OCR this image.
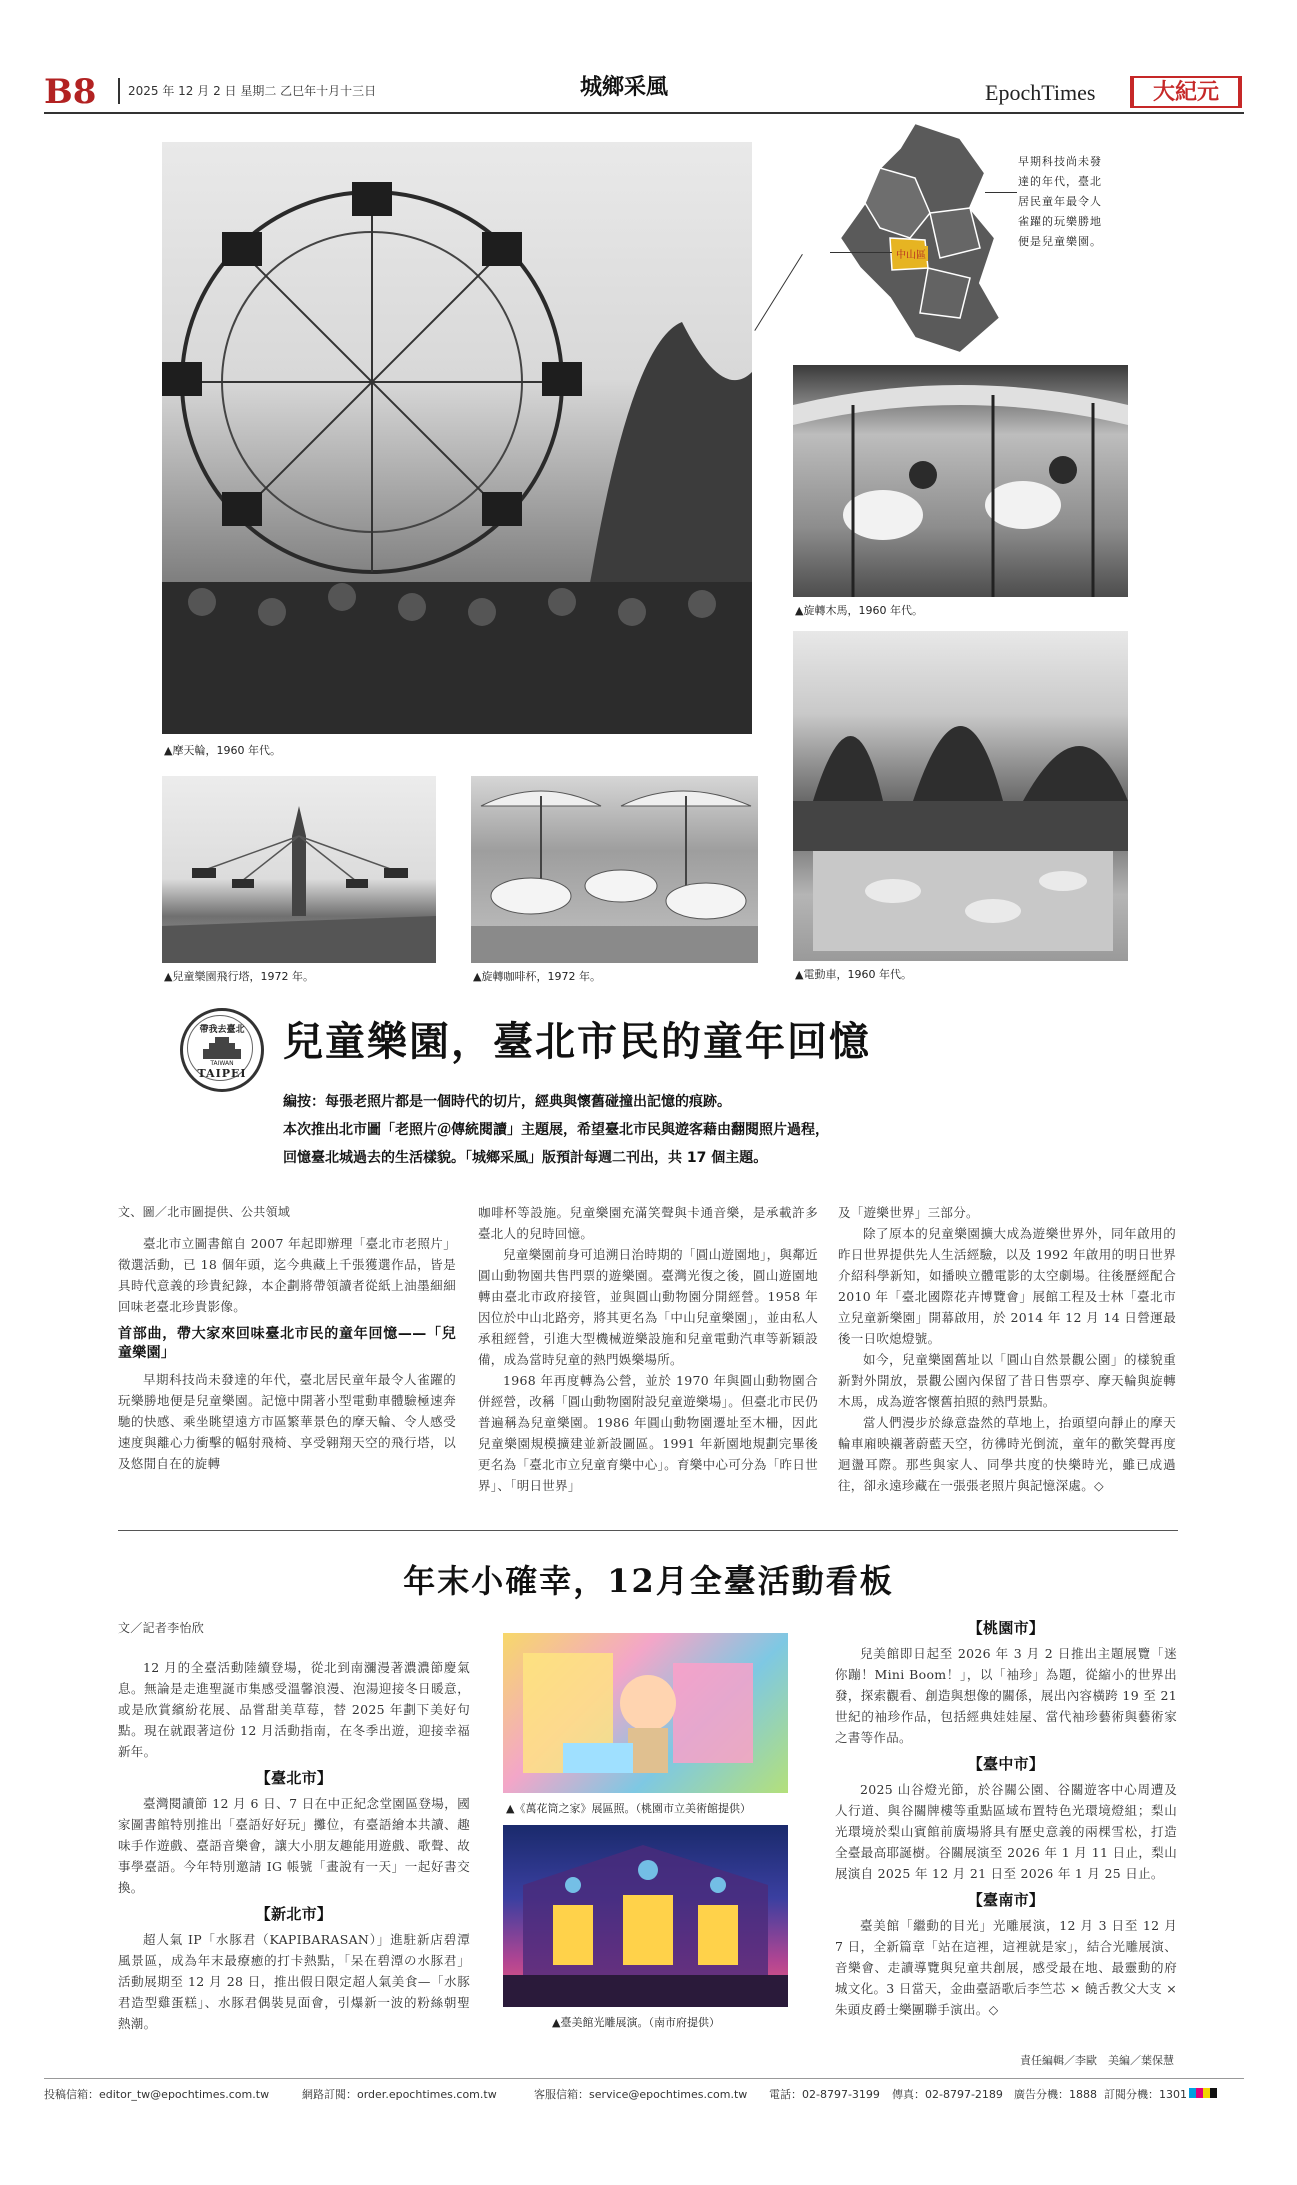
B8	2025 年 12 月 2 日 星期二 乙巳年十月十三日	城鄉采風	EpochTimes	大紀元
▲摩天輪，1960 年代。
中山區
早期科技尚未發達的年代，臺北居民童年最令人雀躍的玩樂勝地便是兒童樂園。
▲旋轉木馬，1960 年代。
▲電動車，1960 年代。
▲兒童樂園飛行塔，1972 年。	▲旋轉咖啡杯，1972 年。
帶我去臺北
TAIWAN
TAIPEI
兒童樂園，臺北市民的童年回憶
編按：每張老照片都是一個時代的切片，經典與懷舊碰撞出記憶的痕跡。
本次推出北市圖「老照片＠傳統閱讀」主題展，希望臺北市民與遊客藉由翻閱照片過程，
回憶臺北城過去的生活樣貌。「城鄉采風」版預計每週二刊出，共 17 個主題。
文、圖／北市圖提供、公共領域

臺北市立圖書館自 2007 年起即辦理「臺北市老照片」徵選活動，已 18 個年頭，迄今典藏上千張獲選作品，皆是具時代意義的珍貴紀錄，本企劃將帶領讀者從紙上油墨細細回味老臺北珍貴影像。

首部曲，帶大家來回味臺北市民的童年回憶——「兒童樂園」

早期科技尚未發達的年代，臺北居民童年最令人雀躍的玩樂勝地便是兒童樂園。記憶中開著小型電動車體驗極速奔馳的快感、乘坐眺望遠方市區繁華景色的摩天輪、令人感受速度與離心力衝擊的幅射飛椅、享受翱翔天空的飛行塔，以及悠閒自在的旋轉

咖啡杯等設施。兒童樂園充滿笑聲與卡通音樂，是承載許多臺北人的兒時回憶。

兒童樂園前身可追溯日治時期的「圓山遊園地」，與鄰近圓山動物園共售門票的遊樂園。臺灣光復之後，圓山遊園地轉由臺北市政府接管，並與圓山動物園分開經營。1958 年因位於中山北路旁，將其更名為「中山兒童樂園」，並由私人承租經營，引進大型機械遊樂設施和兒童電動汽車等新穎設備，成為當時兒童的熱門娛樂場所。

1968 年再度轉為公營，並於 1970 年與圓山動物園合併經營，改稱「圓山動物園附設兒童遊樂場」。但臺北市民仍普遍稱為兒童樂園。1986 年圓山動物園遷址至木柵，因此兒童樂園規模擴建並新設圖區。1991 年新園地規劃完畢後更名為「臺北市立兒童育樂中心」。育樂中心可分為「昨日世界」、「明日世界」

及「遊樂世界」三部分。

除了原本的兒童樂園擴大成為遊樂世界外，同年啟用的昨日世界提供先人生活經驗，以及 1992 年啟用的明日世界介紹科學新知，如播映立體電影的太空劇場。往後歷經配合 2010 年「臺北國際花卉博覽會」展館工程及士林「臺北市立兒童新樂園」開幕啟用，於 2014 年 12 月 14 日營運最後一日吹熄燈號。

如今，兒童樂園舊址以「圓山自然景觀公園」的樣貌重新對外開放，景觀公園內保留了昔日售票亭、摩天輪與旋轉木馬，成為遊客懷舊拍照的熱門景點。

當人們漫步於綠意盎然的草地上，抬頭望向靜止的摩天輪車廂映襯著蔚藍天空，彷彿時光倒流，童年的歡笑聲再度迴盪耳際。那些與家人、同學共度的快樂時光，雖已成過往，卻永遠珍藏在一張張老照片與記憶深處。◇

年末小確幸，12月全臺活動看板
文／記者李怡欣

12 月的全臺活動陸續登場，從北到南瀰漫著濃濃節慶氣息。無論是走進聖誕市集感受溫馨浪漫、泡湯迎接冬日暖意，或是欣賞繽紛花展、品嘗甜美草莓，替 2025 年劃下美好句點。現在就跟著這份 12 月活動指南，在冬季出遊，迎接幸福新年。

【臺北市】

臺灣閱讀節 12 月 6 日、7 日在中正紀念堂園區登場，國家圖書館特別推出「臺語好好玩」攤位，有臺語繪本共讀、趣味手作遊戲、臺語音樂會，讓大小朋友趣能用遊戲、歌聲、故事學臺語。今年特別邀請 IG 帳號「畫說有一天」一起好書交換。

【新北市】

超人氣 IP「水豚君（KAPIBARASAN）」進駐新店碧潭風景區，成為年末最療癒的打卡熱點，「呆在碧潭の水豚君」活動展期至 12 月 28 日，推出假日限定超人氣美食—「水豚君造型雞蛋糕」、水豚君偶裝見面會，引爆新一波的粉絲朝聖熱潮。

▲《萬花筒之家》展區照。（桃園市立美術館提供）
▲臺美館光雕展演。（南市府提供）
【桃園市】

兒美館即日起至 2026 年 3 月 2 日推出主題展覽「迷你蹦！Mini Boom！」，以「袖珍」為題，從縮小的世界出發，探索觀看、創造與想像的關係，展出內容橫跨 19 至 21 世紀的袖珍作品，包括經典娃娃屋、當代袖珍藝術與藝術家之書等作品。

【臺中市】

2025 山谷燈光節，於谷關公園、谷關遊客中心周遭及人行道、與谷關牌樓等重點區域布置特色光環境燈組；梨山光環境於梨山賓館前廣場將具有歷史意義的兩棵雪松，打造全臺最高耶誕樹。谷關展演至 2026 年 1 月 11 日止，梨山展演自 2025 年 12 月 21 日至 2026 年 1 月 25 日止。

【臺南市】

臺美館「繼動的目光」光雕展演，12 月 3 日至 12 月 7 日，全新篇章「站在這裡，這裡就是家」，結合光雕展演、音樂會、走讀導覽與兒童共創展，感受最在地、最靈動的府城文化。3 日當天，金曲臺語歌后李竺芯 × 饒舌教父大支 × 朱頭皮爵士樂團聯手演出。◇

責任編輯／李歐　美編／葉保慧
投稿信箱：editor_tw@epochtimes.com.tw	網路訂閱：order.epochtimes.com.tw	客服信箱：service@epochtimes.com.tw 電話：02-8797-3199 傳真：02-8797-2189 廣告分機：1888 訂閱分機：1301
